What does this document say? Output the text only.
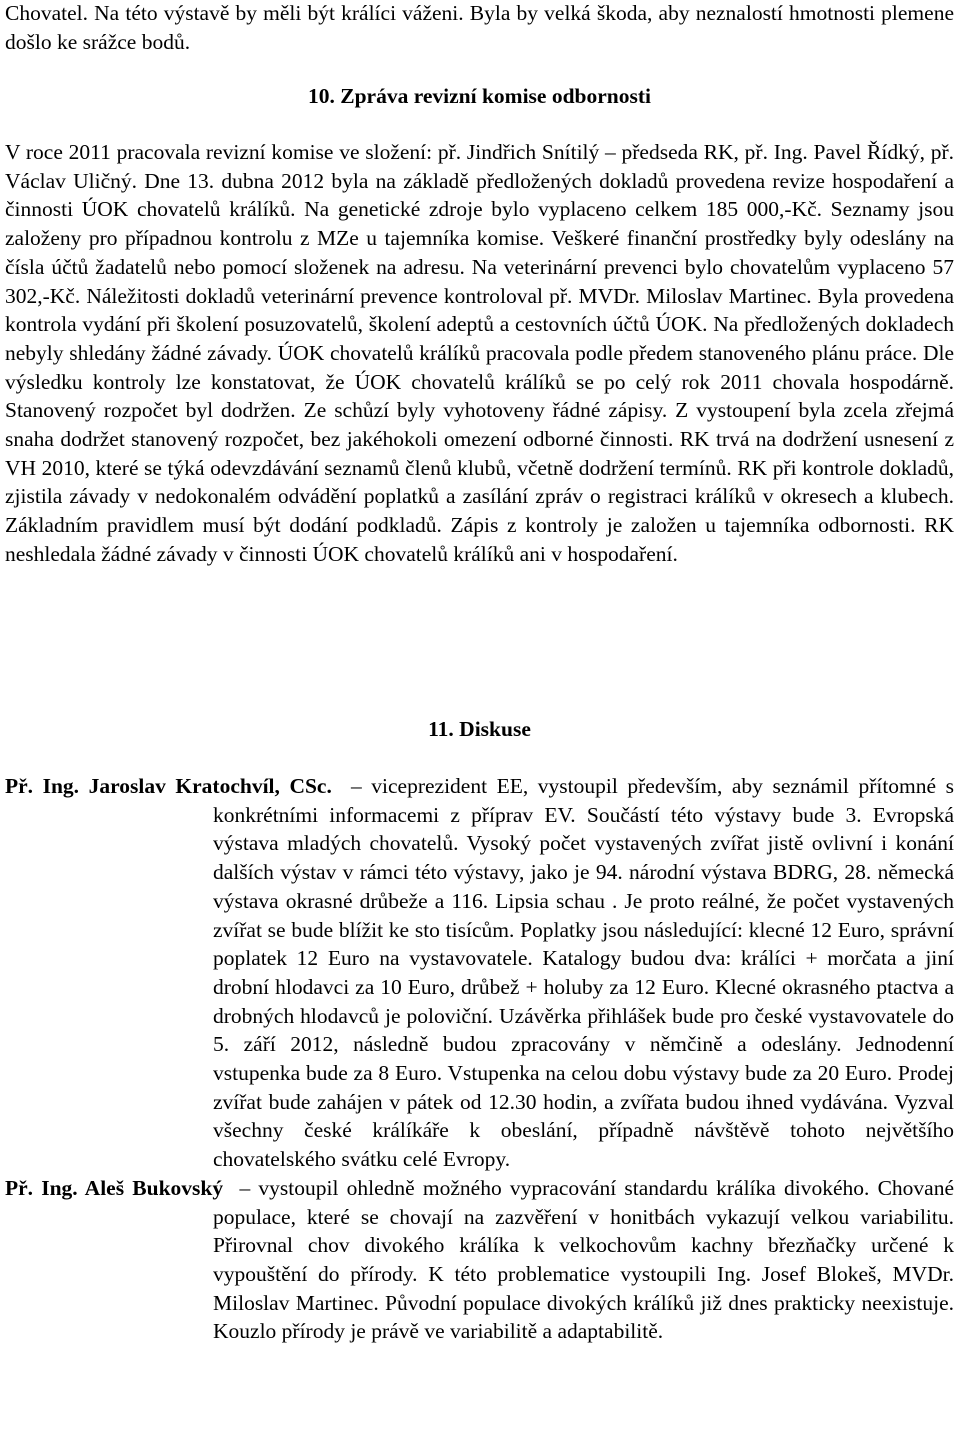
Chovatel. Na této výstavě by měli být králíci váženi. Byla by velká škoda, aby neznalostí hmotnosti plemene došlo ke srážce bodů.

10. Zpráva revizní komise odbornosti

V roce 2011 pracovala revizní komise ve složení: př. Jindřich Snítilý – předseda RK, př. Ing. Pavel Řídký, př. Václav Uličný. Dne 13. dubna 2012 byla na základě předložených dokladů provedena revize hospodaření a činnosti ÚOK chovatelů králíků. Na genetické zdroje bylo vyplaceno celkem 185 000,-Kč. Seznamy jsou založeny pro případnou kontrolu z MZe u tajemníka komise. Veškeré finanční prostředky byly odeslány na čísla účtů žadatelů nebo pomocí složenek na adresu. Na veterinární prevenci bylo chovatelům vyplaceno 57 302,-Kč. Náležitosti dokladů veterinární prevence kontroloval př. MVDr. Miloslav Martinec. Byla provedena kontrola vydání při školení posuzovatelů, školení adeptů a cestovních účtů ÚOK. Na předložených dokladech nebyly shledány žádné závady. ÚOK chovatelů králíků pracovala podle předem stanoveného plánu práce. Dle výsledku kontroly lze konstatovat, že ÚOK chovatelů králíků se po celý rok 2011 chovala hospodárně. Stanovený rozpočet byl dodržen. Ze schůzí byly vyhotoveny řádné zápisy. Z vystoupení byla zcela zřejmá snaha dodržet stanovený rozpočet, bez jakéhokoli omezení odborné činnosti. RK trvá na dodržení usnesení z VH 2010, které se týká odevzdávání seznamů členů klubů, včetně dodržení termínů. RK při kontrole dokladů, zjistila závady v nedokonalém odvádění poplatků a zasílání zpráv o registraci králíků v okresech a klubech. Základním pravidlem musí být dodání podkladů. Zápis z kontroly je založen u tajemníka odbornosti. RK neshledala žádné závady v činnosti ÚOK chovatelů králíků ani v hospodaření.

11. Diskuse

Př. Ing. Jaroslav Kratochvíl, CSc. – viceprezident EE, vystoupil především, aby seznámil přítomné s konkrétními informacemi z příprav EV. Součástí této výstavy bude 3. Evropská výstava mladých chovatelů. Vysoký počet vystavených zvířat jistě ovlivní i konání dalších výstav v rámci této výstavy, jako je 94. národní výstava BDRG, 28. německá výstava okrasné drůbeže a 116. Lipsia schau . Je proto reálné, že počet vystavených zvířat se bude blížit ke sto tisícům. Poplatky jsou následující: klecné 12 Euro, správní poplatek 12 Euro na vystavovatele. Katalogy budou dva: králíci + morčata a jiní drobní hlodavci za 10 Euro, drůbež + holuby za 12 Euro. Klecné okrasného ptactva a drobných hlodavců je poloviční. Uzávěrka přihlášek bude pro české vystavovatele do 5. září 2012, následně budou zpracovány v němčině a odeslány. Jednodenní vstupenka bude za 8 Euro. Vstupenka na celou dobu výstavy bude za 20 Euro. Prodej zvířat bude zahájen v pátek od 12.30 hodin, a zvířata budou ihned vydávána. Vyzval všechny české králíkáře k obeslání, případně návštěvě tohoto největšího chovatelského svátku celé Evropy.

Př. Ing. Aleš Bukovský – vystoupil ohledně možného vypracování standardu králíka divokého. Chované populace, které se chovají na zazvěření v honitbách vykazují velkou variabilitu. Přirovnal chov divokého králíka k velkochovům kachny březňačky určené k vypouštění do přírody. K této problematice vystoupili Ing. Josef Blokeš, MVDr. Miloslav Martinec. Původní populace divokých králíků již dnes prakticky neexistuje. Kouzlo přírody je právě ve variabilitě a adaptabilitě.
